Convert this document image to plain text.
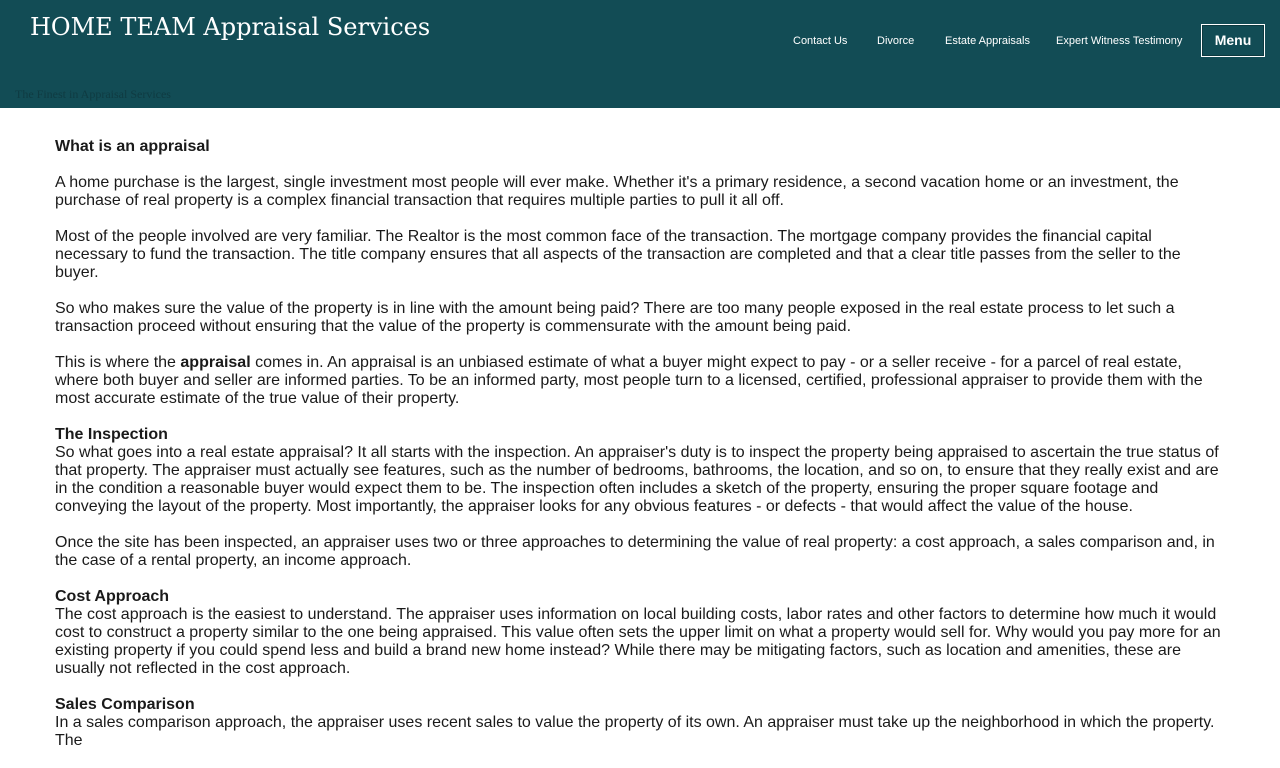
HOME TEAM Appraisal Services
The Finest in Appraisal Services
Contact Us	Divorce	Estate Appraisals Expert Witness Testimony	Menu

What is an appraisal

A home purchase is the largest, single investment most people will ever make. Whether it's a primary residence, a second vacation home or an investment, the purchase of real property is a complex financial transaction that requires multiple parties to pull it all off.

Most of the people involved are very familiar. The Realtor is the most common face of the transaction. The mortgage company provides the financial capital necessary to fund the transaction. The title company ensures that all aspects of the transaction are completed and that a clear title passes from the seller to the buyer.

So who makes sure the value of the property is in line with the amount being paid? There are too many people exposed in the real estate process to let such a transaction proceed without ensuring that the value of the property is commensurate with the amount being paid.

This is where the appraisal comes in. An appraisal is an unbiased estimate of what a buyer might expect to pay - or a seller receive - for a parcel of real estate, where both buyer and seller are informed parties. To be an informed party, most people turn to a licensed, certified, professional appraiser to provide them with the most accurate estimate of the true value of their property.

The Inspection
So what goes into a real estate appraisal? It all starts with the inspection. An appraiser's duty is to inspect the property being appraised to ascertain the true status of that property. The appraiser must actually see features, such as the number of bedrooms, bathrooms, the location, and so on, to ensure that they really exist and are in the condition a reasonable buyer would expect them to be. The inspection often includes a sketch of the property, ensuring the proper square footage and conveying the layout of the property. Most importantly, the appraiser looks for any obvious features - or defects - that would affect the value of the house.

Once the site has been inspected, an appraiser uses two or three approaches to determining the value of real property: a cost approach, a sales comparison and, in the case of a rental property, an income approach.

Cost Approach
The cost approach is the easiest to understand. The appraiser uses information on local building costs, labor rates and other factors to determine how much it would cost to construct a property similar to the one being appraised. This value often sets the upper limit on what a property would sell for. Why would you pay more for an existing property if you could spend less and build a brand new home instead? While there may be mitigating factors, such as location and amenities, these are usually not reflected in the cost approach.

Sales Comparison
In a sales comparison approach, the appraiser uses recent sales to value the property of its own. An appraiser must take up the neighborhood in which the property. The
